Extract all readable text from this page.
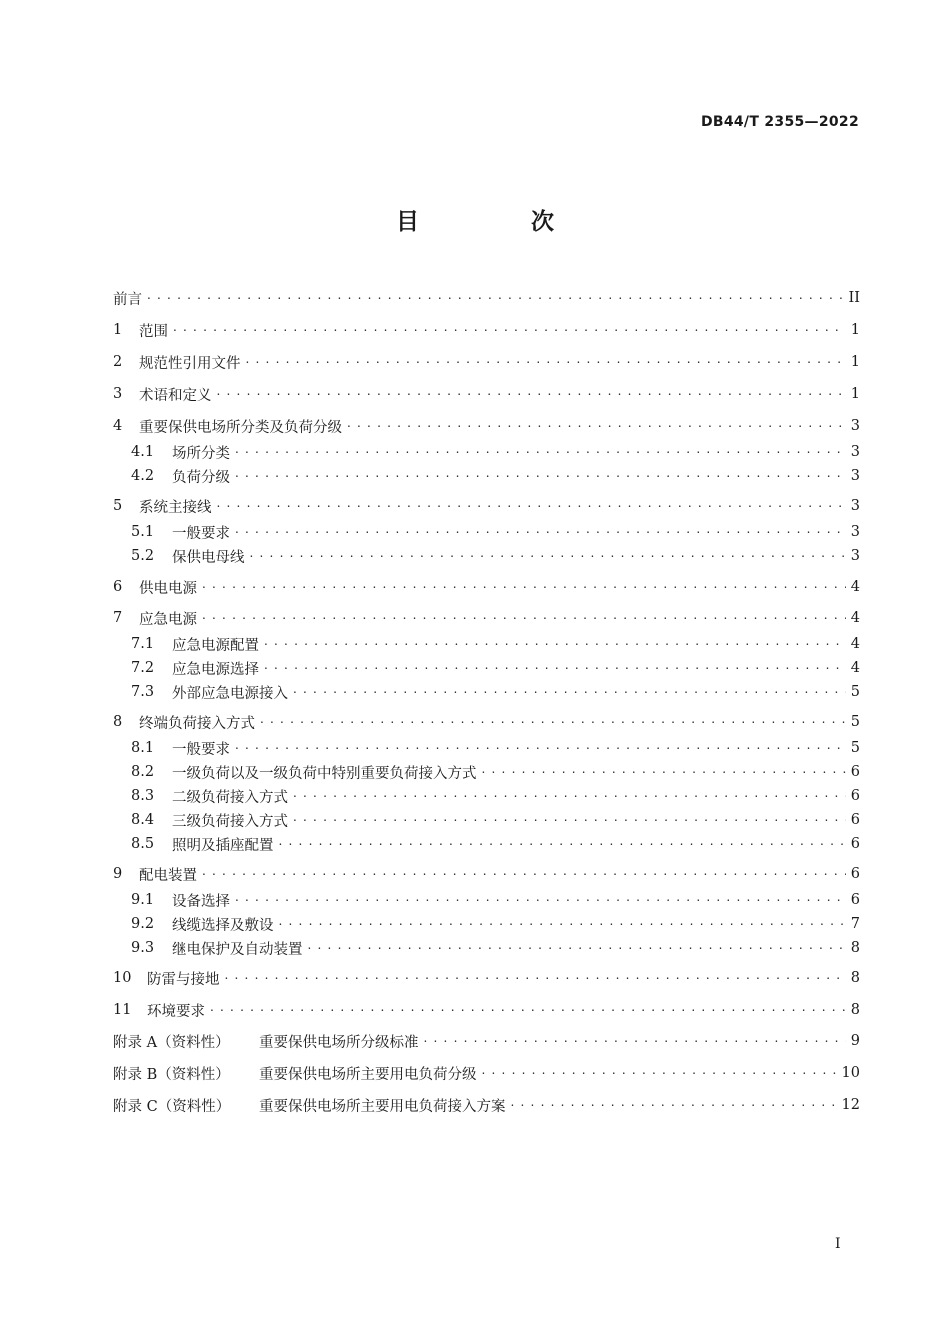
DB44/T 2355—2022
目 次
前言 . . .	II
1	范围 . . .	1
2	规范性引用文件 . . .	1
3	术语和定义 . . .	1
4	重要保供电场所分类及负荷分级 . . .	3
4.1	场所分类 . . .	3
4.2	负荷分级 . . .	3
5	系统主接线 . . .	3
5.1	一般要求 . . .	3
5.2	保供电母线 . . .	3
6	供电电源 . . .	4
7	应急电源 . . .	4
7.1	应急电源配置 . . .	4
7.2	应急电源选择 . . .	4
7.3	外部应急电源接入 . . .	5
8	终端负荷接入方式 . . .	5
8.1	一般要求 . . .	5
8.2	一级负荷以及一级负荷中特别重要负荷接入方式 . . .	6
8.3	二级负荷接入方式 . . .	6
8.4	三级负荷接入方式 . . .	6
8.5	照明及插座配置 . . .	6
9	配电装置 . . .	6
9.1	设备选择 . . .	6
9.2	线缆选择及敷设 . . .	7
9.3	继电保护及自动装置 . . .	8
10	防雷与接地 . . .	8
11	环境要求 . . .	8
附录 A（资料性）	重要保供电场所分级标准 . . .	9
附录 B（资料性）	重要保供电场所主要用电负荷分级 . . .	10
附录 C（资料性）	重要保供电场所主要用电负荷接入方案 . . .	12
I
